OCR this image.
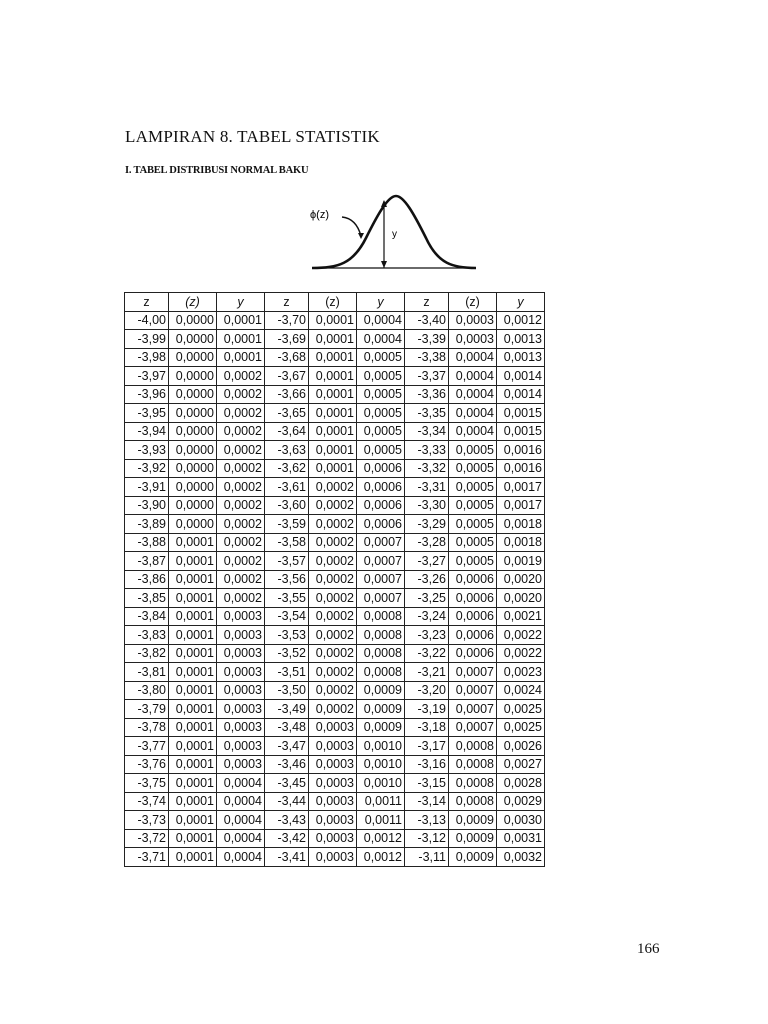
LAMPIRAN 8. TABEL STATISTIK
I. TABEL DISTRIBUSI NORMAL BAKU
ϕ(z)
y
z	(z)	y	z	(z)	y	z	(z)	y
-4,00	0,0000	0,0001	-3,70	0,0001	0,0004	-3,40	0,0003	0,0012
-3,99	0,0000	0,0001	-3,69	0,0001	0,0004	-3,39	0,0003	0,0013
-3,98	0,0000	0,0001	-3,68	0,0001	0,0005	-3,38	0,0004	0,0013
-3,97	0,0000	0,0002	-3,67	0,0001	0,0005	-3,37	0,0004	0,0014
-3,96	0,0000	0,0002	-3,66	0,0001	0,0005	-3,36	0,0004	0,0014
-3,95	0,0000	0,0002	-3,65	0,0001	0,0005	-3,35	0,0004	0,0015
-3,94	0,0000	0,0002	-3,64	0,0001	0,0005	-3,34	0,0004	0,0015
-3,93	0,0000	0,0002	-3,63	0,0001	0,0005	-3,33	0,0005	0,0016
-3,92	0,0000	0,0002	-3,62	0,0001	0,0006	-3,32	0,0005	0,0016
-3,91	0,0000	0,0002	-3,61	0,0002	0,0006	-3,31	0,0005	0,0017
-3,90	0,0000	0,0002	-3,60	0,0002	0,0006	-3,30	0,0005	0,0017
-3,89	0,0000	0,0002	-3,59	0,0002	0,0006	-3,29	0,0005	0,0018
-3,88	0,0001	0,0002	-3,58	0,0002	0,0007	-3,28	0,0005	0,0018
-3,87	0,0001	0,0002	-3,57	0,0002	0,0007	-3,27	0,0005	0,0019
-3,86	0,0001	0,0002	-3,56	0,0002	0,0007	-3,26	0,0006	0,0020
-3,85	0,0001	0,0002	-3,55	0,0002	0,0007	-3,25	0,0006	0,0020
-3,84	0,0001	0,0003	-3,54	0,0002	0,0008	-3,24	0,0006	0,0021
-3,83	0,0001	0,0003	-3,53	0,0002	0,0008	-3,23	0,0006	0,0022
-3,82	0,0001	0,0003	-3,52	0,0002	0,0008	-3,22	0,0006	0,0022
-3,81	0,0001	0,0003	-3,51	0,0002	0,0008	-3,21	0,0007	0,0023
-3,80	0,0001	0,0003	-3,50	0,0002	0,0009	-3,20	0,0007	0,0024
-3,79	0,0001	0,0003	-3,49	0,0002	0,0009	-3,19	0,0007	0,0025
-3,78	0,0001	0,0003	-3,48	0,0003	0,0009	-3,18	0,0007	0,0025
-3,77	0,0001	0,0003	-3,47	0,0003	0,0010	-3,17	0,0008	0,0026
-3,76	0,0001	0,0003	-3,46	0,0003	0,0010	-3,16	0,0008	0,0027
-3,75	0,0001	0,0004	-3,45	0,0003	0,0010	-3,15	0,0008	0,0028
-3,74	0,0001	0,0004	-3,44	0,0003	0,0011	-3,14	0,0008	0,0029
-3,73	0,0001	0,0004	-3,43	0,0003	0,0011	-3,13	0,0009	0,0030
-3,72	0,0001	0,0004	-3,42	0,0003	0,0012	-3,12	0,0009	0,0031
-3,71	0,0001	0,0004	-3,41	0,0003	0,0012	-3,11	0,0009	0,0032
166
